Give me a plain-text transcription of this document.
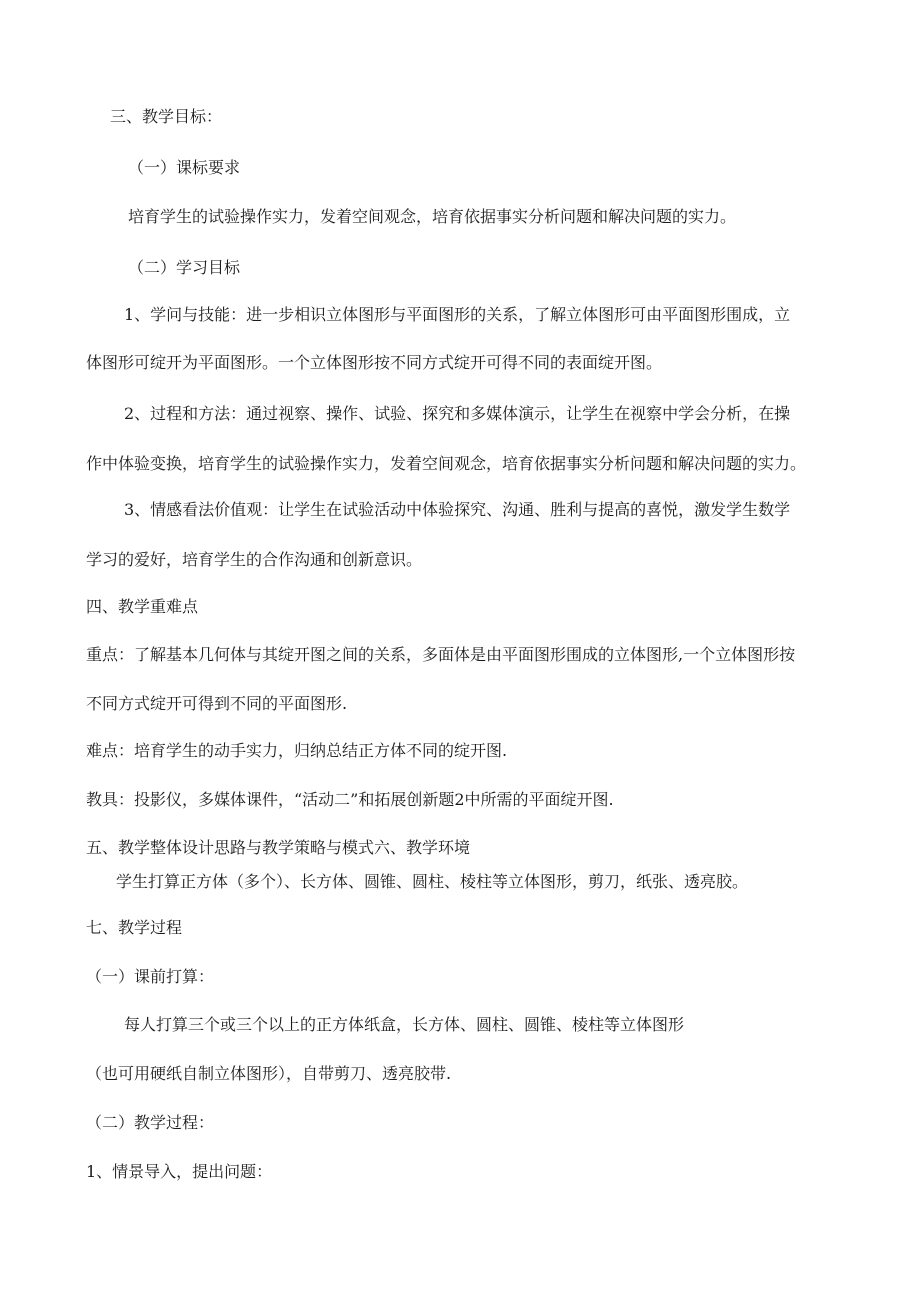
三、教学目标：

（一）课标要求

培育学生的试验操作实力，发着空间观念，培育依据事实分析问题和解决问题的实力。

（二）学习目标

1、学问与技能：进一步相识立体图形与平面图形的关系，了解立体图形可由平面图形围成，立

体图形可绽开为平面图形。一个立体图形按不同方式绽开可得不同的表面绽开图。

2、过程和方法：通过视察、操作、试验、探究和多媒体演示，让学生在视察中学会分析，在操

作中体验变换，培育学生的试验操作实力，发着空间观念，培育依据事实分析问题和解决问题的实力。

3、情感看法价值观：让学生在试验活动中体验探究、沟通、胜利与提高的喜悦，激发学生数学

学习的爱好，培育学生的合作沟通和创新意识。

四、教学重难点

重点：了解基本几何体与其绽开图之间的关系，多面体是由平面图形围成的立体图形,一个立体图形按

不同方式绽开可得到不同的平面图形.

难点：培育学生的动手实力，归纳总结正方体不同的绽开图.

教具：投影仪，多媒体课件，“活动二”和拓展创新题2中所需的平面绽开图.

五、教学整体设计思路与教学策略与模式六、教学环境

学生打算正方体（多个）、长方体、圆锥、圆柱、棱柱等立体图形，剪刀，纸张、透亮胶。

七、教学过程

（一）课前打算：

每人打算三个或三个以上的正方体纸盒，长方体、圆柱、圆锥、棱柱等立体图形

（也可用硬纸自制立体图形），自带剪刀、透亮胶带.

（二）教学过程：

1、情景导入，提出问题：
